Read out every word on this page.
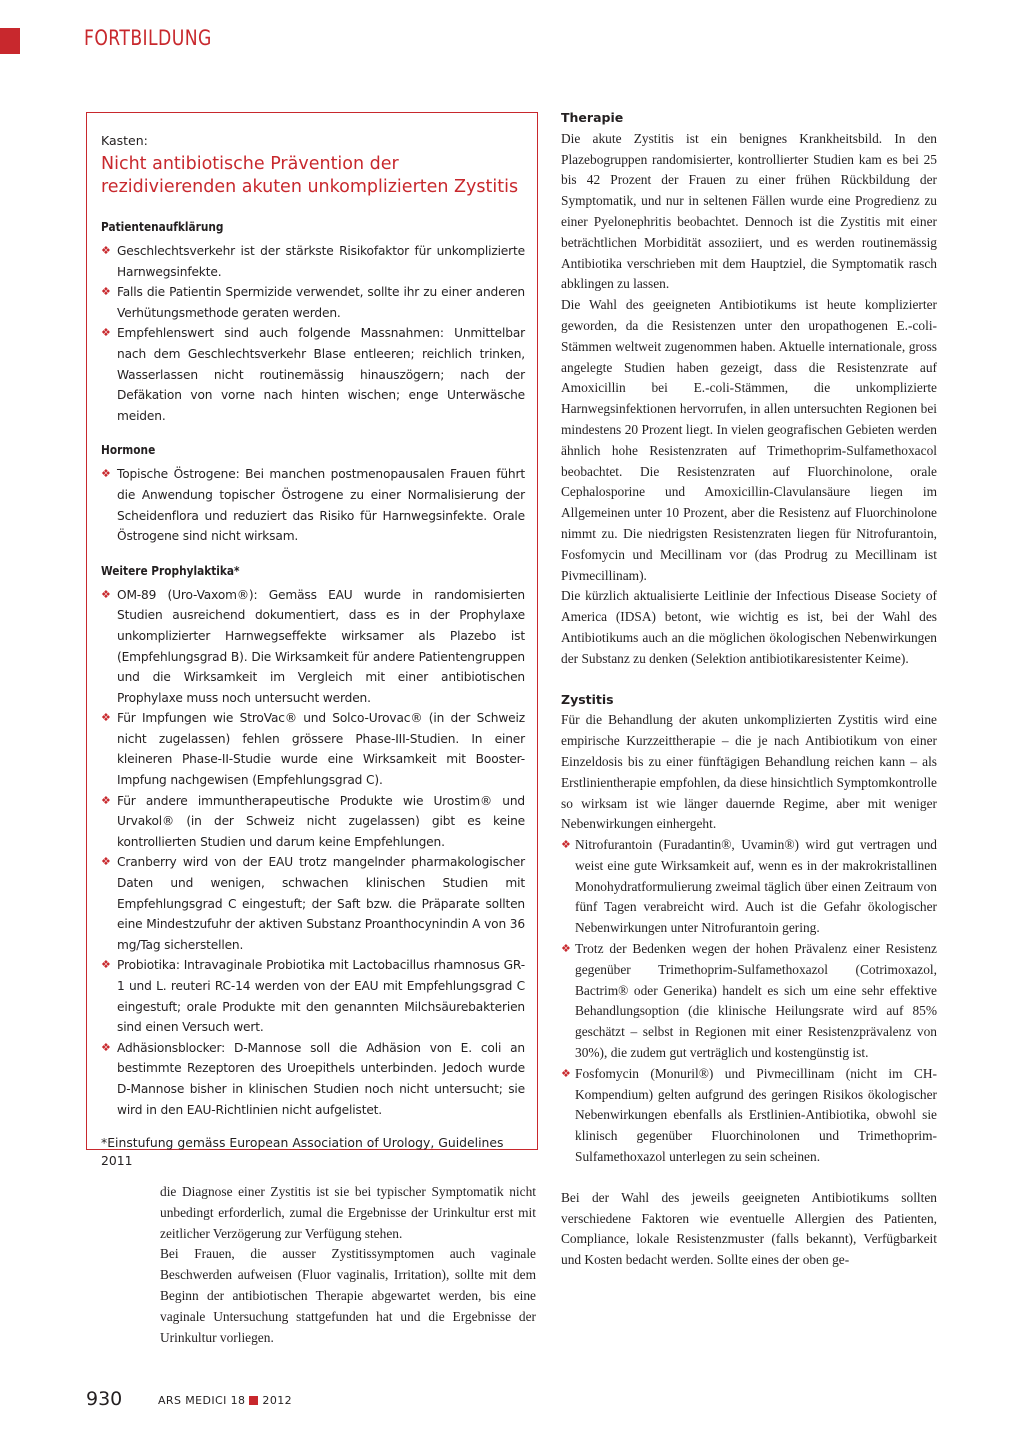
FORTBILDUNG

Kasten:

Nicht antibiotische Prävention der rezidivierenden akuten unkomplizierten Zystitis
Patientenaufklärung
❖ Geschlechtsverkehr ist der stärkste Risikofaktor für unkomplizierte Harnwegsinfekte.
❖ Falls die Patientin Spermizide verwendet, sollte ihr zu einer anderen Verhütungsmethode geraten werden.
❖ Empfehlenswert sind auch folgende Massnahmen: Unmittelbar nach dem Geschlechtsverkehr Blase entleeren; reichlich trinken, Wasserlassen nicht routinemässig hinauszögern; nach der Defäkation von vorne nach hinten wischen; enge Unterwäsche meiden.
Hormone
❖ Topische Östrogene: Bei manchen postmenopausalen Frauen führt die Anwendung topischer Östrogene zu einer Normalisierung der Scheidenflora und reduziert das Risiko für Harnwegsinfekte. Orale Östrogene sind nicht wirksam.
Weitere Prophylaktika*
❖ OM-89 (Uro-Vaxom®): Gemäss EAU wurde in randomisierten Studien ausreichend dokumentiert, dass es in der Prophylaxe unkomplizierter Harnwegseffekte wirksamer als Plazebo ist (Empfehlungsgrad B). Die Wirksamkeit für andere Patientengruppen und die Wirksamkeit im Vergleich mit einer antibiotischen Prophylaxe muss noch untersucht werden.
❖ Für Impfungen wie StroVac® und Solco-Urovac® (in der Schweiz nicht zugelassen) fehlen grössere Phase-III-Studien. In einer kleineren Phase-II-Studie wurde eine Wirksamkeit mit Booster-Impfung nachgewisen (Empfehlungsgrad C).
❖ Für andere immuntherapeutische Produkte wie Urostim® und Urvakol® (in der Schweiz nicht zugelassen) gibt es keine kontrollierten Studien und darum keine Empfehlungen.
❖ Cranberry wird von der EAU trotz mangelnder pharmakologischer Daten und wenigen, schwachen klinischen Studien mit Empfehlungsgrad C eingestuft; der Saft bzw. die Präparate sollten eine Mindestzufuhr der aktiven Substanz Proanthocynindin A von 36 mg/Tag sicherstellen.
❖ Probiotika: Intravaginale Probiotika mit Lactobacillus rhamnosus GR-1 und L. reuteri RC-14 werden von der EAU mit Empfehlungsgrad C eingestuft; orale Produkte mit den genannten Milchsäurebakterien sind einen Versuch wert.
❖ Adhäsionsblocker: D-Mannose soll die Adhäsion von E. coli an bestimmte Rezeptoren des Uroepithels unterbinden. Jedoch wurde D-Mannose bisher in klinischen Studien noch nicht untersucht; sie wird in den EAU-Richtlinien nicht aufgelistet.
*Einstufung gemäss European Association of Urology, Guidelines 2011

die Diagnose einer Zystitis ist sie bei typischer Symptomatik nicht unbedingt erforderlich, zumal die Ergebnisse der Urinkultur erst mit zeitlicher Verzögerung zur Verfügung stehen.

Bei Frauen, die ausser Zystitissymptomen auch vaginale Beschwerden aufweisen (Fluor vaginalis, Irritation), sollte mit dem Beginn der antibiotischen Therapie abgewartet werden, bis eine vaginale Untersuchung stattgefunden hat und die Ergebnisse der Urinkultur vorliegen.

Therapie

Die akute Zystitis ist ein benignes Krankheitsbild. In den Plazebogruppen randomisierter, kontrollierter Studien kam es bei 25 bis 42 Prozent der Frauen zu einer frühen Rückbildung der Symptomatik, und nur in seltenen Fällen wurde eine Progredienz zu einer Pyelonephritis beobachtet. Dennoch ist die Zystitis mit einer beträchtlichen Morbidität assoziiert, und es werden routinemässig Antibiotika verschrieben mit dem Hauptziel, die Symptomatik rasch abklingen zu lassen.

Die Wahl des geeigneten Antibiotikums ist heute komplizierter geworden, da die Resistenzen unter den uropathogenen E.-coli-Stämmen weltweit zugenommen haben. Aktuelle internationale, gross angelegte Studien haben gezeigt, dass die Resistenzrate auf Amoxicillin bei E.-coli-Stämmen, die unkomplizierte Harnwegsinfektionen hervorrufen, in allen untersuchten Regionen bei mindestens 20 Prozent liegt. In vielen geografischen Gebieten werden ähnlich hohe Resistenzraten auf Trimethoprim-Sulfamethoxacol beobachtet. Die Resistenzraten auf Fluorchinolone, orale Cephalosporine und Amoxicillin-Clavulansäure liegen im Allgemeinen unter 10 Prozent, aber die Resistenz auf Fluorchinolone nimmt zu. Die niedrigsten Resistenzraten liegen für Nitrofurantoin, Fosfomycin und Mecillinam vor (das Prodrug zu Mecillinam ist Pivmecillinam).

Die kürzlich aktualisierte Leitlinie der Infectious Disease Society of America (IDSA) betont, wie wichtig es ist, bei der Wahl des Antibiotikums auch an die möglichen ökologischen Nebenwirkungen der Substanz zu denken (Selektion antibiotikaresistenter Keime).

Zystitis

Für die Behandlung der akuten unkomplizierten Zystitis wird eine empirische Kurzzeittherapie – die je nach Antibiotikum von einer Einzeldosis bis zu einer fünftägigen Behandlung reichen kann – als Erstlinientherapie empfohlen, da diese hinsichtlich Symptomkontrolle so wirksam ist wie länger dauernde Regime, aber mit weniger Nebenwirkungen einhergeht.

❖ Nitrofurantoin (Furadantin®, Uvamin®) wird gut vertragen und weist eine gute Wirksamkeit auf, wenn es in der makrokristallinen Monohydratformulierung zweimal täglich über einen Zeitraum von fünf Tagen verabreicht wird. Auch ist die Gefahr ökologischer Nebenwirkungen unter Nitrofurantoin gering.
❖ Trotz der Bedenken wegen der hohen Prävalenz einer Resistenz gegenüber Trimethoprim-Sulfamethoxazol (Cotrimoxazol, Bactrim® oder Generika) handelt es sich um eine sehr effektive Behandlungsoption (die klinische Heilungsrate wird auf 85% geschätzt – selbst in Regionen mit einer Resistenzprävalenz von 30%), die zudem gut verträglich und kostengünstig ist.
❖ Fosfomycin (Monuril®) und Pivmecillinam (nicht im CH-Kompendium) gelten aufgrund des geringen Risikos ökologischer Nebenwirkungen ebenfalls als Erstlinien-Antibiotika, obwohl sie klinisch gegenüber Fluorchinolonen und Trimethoprim-Sulfamethoxazol unterlegen zu sein scheinen.

Bei der Wahl des jeweils geeigneten Antibiotikums sollten verschiedene Faktoren wie eventuelle Allergien des Patienten, Compliance, lokale Resistenzmuster (falls bekannt), Verfügbarkeit und Kosten bedacht werden. Sollte eines der oben ge-

930	ARS MEDICI 18 2012
